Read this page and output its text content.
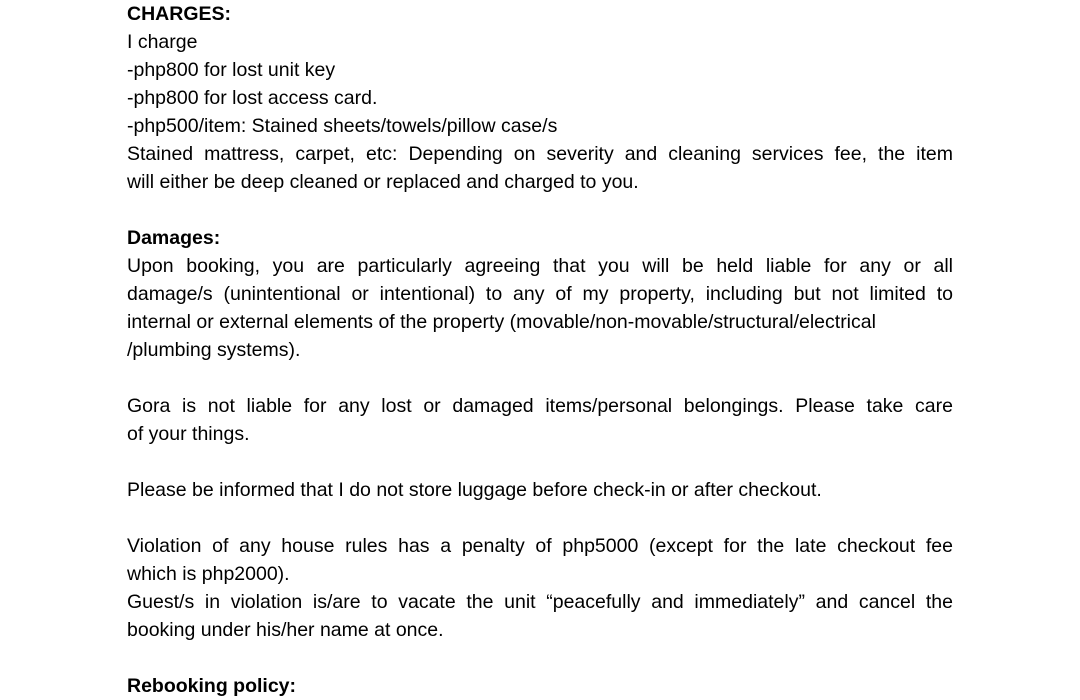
CHARGES:
I charge
-php800 for lost unit key
-php800 for lost access card.
-php500/item: Stained sheets/towels/pillow case/s
Stained mattress, carpet, etc: Depending on severity and cleaning services fee, the item
will either be deep cleaned or replaced and charged to you.
Damages:
Upon booking, you are particularly agreeing that you will be held liable for any or all
damage/s (unintentional or intentional) to any of my property, including but not limited to
internal or external elements of the property (movable/non-movable/structural/electrical
/plumbing systems).
Gora is not liable for any lost or damaged items/personal belongings. Please take care
of your things.
Please be informed that I do not store luggage before check-in or after checkout.
Violation of any house rules has a penalty of php5000 (except for the late checkout fee
which is php2000).
Guest/s in violation is/are to vacate the unit “peacefully and immediately” and cancel the
booking under his/her name at once.
Rebooking policy:
